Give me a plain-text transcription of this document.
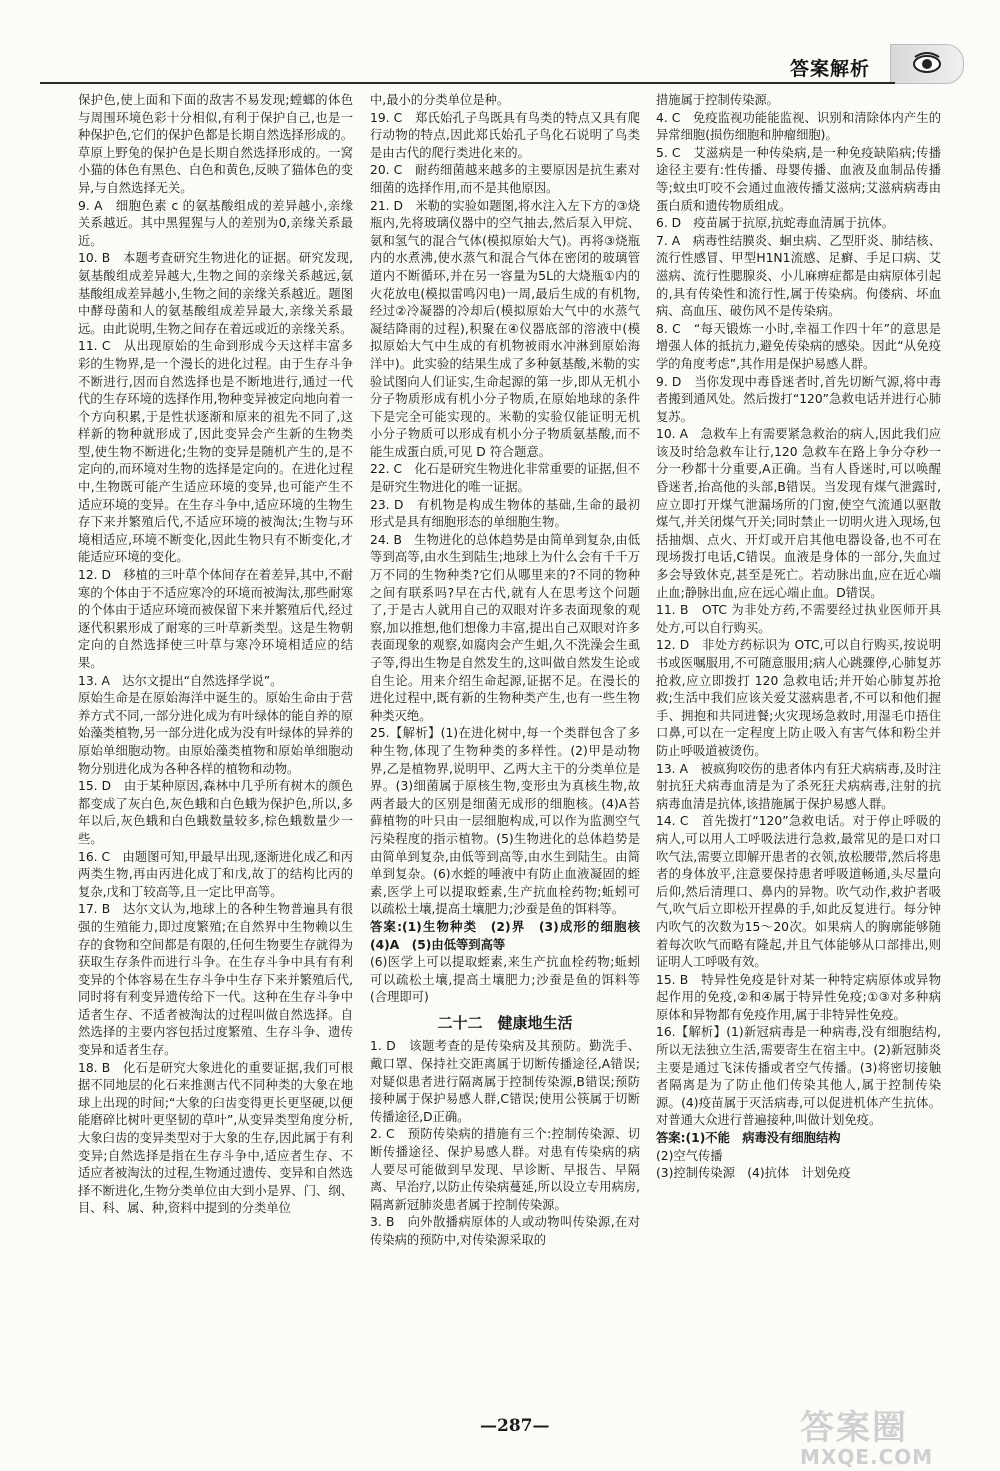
答案解析

保护色,使上面和下面的敌害不易发现;螳螂的体色与周围环境色彩十分相似,有利于保护自己,也是一种保护色,它们的保护色都是长期自然选择形成的。草原上野兔的保护色是长期自然选择形成的。一窝小猫的体色有黑色、白色和黄色,反映了猫体色的变异,与自然选择无关。

9. A　细胞色素 c 的氨基酸组成的差异越小,亲缘关系越近。其中黑猩猩与人的差别为0,亲缘关系最近。

10. B　本题考查研究生物进化的证据。研究发现,氨基酸组成差异越大,生物之间的亲缘关系越远,氨基酸组成差异越小,生物之间的亲缘关系越近。题图中酵母菌和人的氨基酸组成差异最大,亲缘关系最远。由此说明,生物之间存在着远或近的亲缘关系。

11. C　从出现原始的生命到形成今天这样丰富多彩的生物界,是一个漫长的进化过程。由于生存斗争不断进行,因而自然选择也是不断地进行,通过一代代的生存环境的选择作用,物种变异被定向地向着一个方向积累,于是性状逐渐和原来的祖先不同了,这样新的物种就形成了,因此变异会产生新的生物类型,使生物不断进化;生物的变异是随机产生的,是不定向的,而环境对生物的选择是定向的。在进化过程中,生物既可能产生适应环境的变异,也可能产生不适应环境的变异。在生存斗争中,适应环境的生物生存下来并繁殖后代,不适应环境的被淘汰;生物与环境相适应,环境不断变化,因此生物只有不断变化,才能适应环境的变化。

12. D　移植的三叶草个体间存在着差异,其中,不耐寒的个体由于不适应寒冷的环境而被淘汰,那些耐寒的个体由于适应环境而被保留下来并繁殖后代,经过逐代积累形成了耐寒的三叶草新类型。这是生物朝定向的自然选择使三叶草与寒冷环境相适应的结果。

13. A　达尔文提出“自然选择学说”。

原始生命是在原始海洋中诞生的。原始生命由于营养方式不同,一部分进化成为有叶绿体的能自养的原始藻类植物,另一部分进化成为没有叶绿体的异养的原始单细胞动物。由原始藻类植物和原始单细胞动物分别进化成为各种各样的植物和动物。

15. D　由于某种原因,森林中几乎所有树木的颜色都变成了灰白色,灰色蛾和白色蛾为保护色,所以,多年以后,灰色蛾和白色蛾数量较多,棕色蛾数量少一些。

16. C　由题图可知,甲最早出现,逐渐进化成乙和丙两类生物,再由丙进化成丁和戊,故丁的结构比丙的复杂,戊和丁较高等,且一定比甲高等。

17. B　达尔文认为,地球上的各种生物普遍具有很强的生殖能力,即过度繁殖;在自然界中生物赖以生存的食物和空间都是有限的,任何生物要生存就得为获取生存条件而进行斗争。在生存斗争中具有有利变异的个体容易在生存斗争中生存下来并繁殖后代,同时将有利变异遗传给下一代。这种在生存斗争中适者生存、不适者被淘汰的过程叫做自然选择。自然选择的主要内容包括过度繁殖、生存斗争、遗传变异和适者生存。

18. B　化石是研究大象进化的重要证据,我们可根据不同地层的化石来推测古代不同种类的大象在地球上出现的时间;“大象的臼齿变得更长更坚硬,以便能磨碎比树叶更坚韧的草叶”,从变异类型角度分析,大象臼齿的变异类型对于大象的生存,因此属于有利变异;自然选择是指在生存斗争中,适应者生存、不适应者被淘汰的过程,生物通过遗传、变异和自然选择不断进化,生物分类单位由大到小是界、门、纲、目、科、属、种,资料中提到的分类单位

中,最小的分类单位是种。

19. C　郑氏始孔子鸟既具有鸟类的特点又具有爬行动物的特点,因此郑氏始孔子鸟化石说明了鸟类是由古代的爬行类进化来的。

20. C　耐药细菌越来越多的主要原因是抗生素对细菌的选择作用,而不是其他原因。

21. D　米勒的实验如题图,将水注入左下方的③烧瓶内,先将玻璃仪器中的空气抽去,然后泵入甲烷、氨和氢气的混合气体(模拟原始大气)。再将③烧瓶内的水煮沸,使水蒸气和混合气体在密闭的玻璃管道内不断循环,并在另一容量为5L的大烧瓶①内的火花放电(模拟雷鸣闪电)一周,最后生成的有机物,经过②冷凝器的冷却后(模拟原始大气中的水蒸气凝结降雨的过程),积聚在④仪器底部的溶液中(模拟原始大气中生成的有机物被雨水冲淋到原始海洋中)。此实验的结果生成了多种氨基酸,米勒的实验试图向人们证实,生命起源的第一步,即从无机小分子物质形成有机小分子物质,在原始地球的条件下是完全可能实现的。米勒的实验仅能证明无机小分子物质可以形成有机小分子物质氨基酸,而不能生成蛋白质,可见 D 符合题意。

22. C　化石是研究生物进化非常重要的证据,但不是研究生物进化的唯一证据。

23. D　有机物是构成生物体的基础,生命的最初形式是具有细胞形态的单细胞生物。

24. B　生物进化的总体趋势是由简单到复杂,由低等到高等,由水生到陆生;地球上为什么会有千千万万不同的生物种类?它们从哪里来的?不同的物种之间有联系吗?早在古代,就有人在思考这个问题了,于是古人就用自己的双眼对许多表面现象的观察,加以推想,他们想像力丰富,提出自己双眼对许多表面现象的观察,如腐肉会产生蛆,久不洗澡会生虱子等,得出生物是自然发生的,这叫做自然发生论或自生论。用来介绍生命起源,证据不足。在漫长的进化过程中,既有新的生物种类产生,也有一些生物种类灭绝。

25.【解析】(1)在进化树中,每一个类群包含了多种生物,体现了生物种类的多样性。(2)甲是动物界,乙是植物界,说明甲、乙两大主干的分类单位是界。(3)细菌属于原核生物,变形虫为真核生物,故两者最大的区别是细菌无成形的细胞核。(4)A苔藓植物的叶只由一层细胞构成,可以作为监测空气污染程度的指示植物。(5)生物进化的总体趋势是由简单到复杂,由低等到高等,由水生到陆生。由简单到复杂。(6)水蛭的唾液中有防止血液凝固的蛭素,医学上可以提取蛭素,生产抗血栓药物;蚯蚓可以疏松土壤,提高土壤肥力;沙蚕是鱼的饵料等。

答案:(1)生物种类　(2)界　(3)成形的细胞核　(4)A　(5)由低等到高等

(6)医学上可以提取蛭素,来生产抗血栓药物;蚯蚓可以疏松土壤,提高土壤肥力;沙蚕是鱼的饵料等(合理即可)

二十二　健康地生活

1. D　该题考查的是传染病及其预防。勤洗手、戴口罩、保持社交距离属于切断传播途径,A错误;对疑似患者进行隔离属于控制传染源,B错误;预防接种属于保护易感人群,C错误;使用公筷属于切断传播途径,D正确。

2. C　预防传染病的措施有三个:控制传染源、切断传播途径、保护易感人群。对患有传染病的病人要尽可能做到早发现、早诊断、早报告、早隔离、早治疗,以防止传染病蔓延,所以设立专用病房,隔离新冠肺炎患者属于控制传染源。

3. B　向外散播病原体的人或动物叫传染源,在对传染病的预防中,对传染源采取的

措施属于控制传染源。

4. C　免疫监视功能能监视、识别和清除体内产生的异常细胞(损伤细胞和肿瘤细胞)。

5. C　艾滋病是一种传染病,是一种免疫缺陷病;传播途径主要有:性传播、母婴传播、血液及血制品传播等;蚊虫叮咬不会通过血液传播艾滋病;艾滋病病毒由蛋白质和遗传物质组成。

6. D　疫苗属于抗原,抗蛇毒血清属于抗体。

7. A　病毒性结膜炎、蛔虫病、乙型肝炎、肺结核、流行性感冒、甲型H1N1流感、足癣、手足口病、艾滋病、流行性腮腺炎、小儿麻痹症都是由病原体引起的,具有传染性和流行性,属于传染病。佝偻病、坏血病、高血压、破伤风不是传染病。

8. C　“每天锻炼一小时,幸福工作四十年”的意思是增强人体的抵抗力,避免传染病的感染。因此“从免疫学的角度考虑”,其作用是保护易感人群。

9. D　当你发现中毒昏迷者时,首先切断气源,将中毒者搬到通风处。然后拨打“120”急救电话并进行心肺复苏。

10. A　急救车上有需要紧急救治的病人,因此我们应该及时给急救车让行,120 急救车在路上争分夺秒一分一秒都十分重要,A正确。当有人昏迷时,可以唤醒昏迷者,抬高他的头部,B错误。当发现有煤气泄露时,应立即打开煤气泄漏场所的门窗,使空气流通以驱散煤气,并关闭煤气开关;同时禁止一切明火进入现场,包括抽烟、点火、开灯或开启其他电器设备,也不可在现场拨打电话,C错误。血液是身体的一部分,失血过多会导致休克,甚至是死亡。若动脉出血,应在近心端止血;静脉出血,应在远心端止血。D错误。

11. B　OTC 为非处方药,不需要经过执业医师开具处方,可以自行购买。

12. D　非处方药标识为 OTC,可以自行购买,按说明书或医嘱服用,不可随意服用;病人心跳骤停,心肺复苏抢救,应立即拨打 120 急救电话;并开始心肺复苏抢救;生活中我们应该关爱艾滋病患者,不可以和他们握手、拥抱和共同进餐;火灾现场急救时,用湿毛巾捂住口鼻,可以在一定程度上防止吸入有害气体和粉尘并防止呼吸道被烫伤。

13. A　被疯狗咬伤的患者体内有狂犬病病毒,及时注射抗狂犬病毒血清是为了杀死狂犬病病毒,注射的抗病毒血清是抗体,该措施属于保护易感人群。

14. C　首先拨打“120”急救电话。对于停止呼吸的病人,可以用人工呼吸法进行急救,最常见的是口对口吹气法,需要立即解开患者的衣领,放松腰带,然后将患者的身体放平,注意要保持患者呼吸道畅通,头尽量向后仰,然后清理口、鼻内的异物。吹气动作,救护者吸气,吹气后立即松开捏鼻的手,如此反复进行。每分钟内吹气的次数为15～20次。如果病人的胸廓能够随着每次吹气而略有隆起,并且气体能够从口部排出,则证明人工呼吸有效。

15. B　特异性免疫是针对某一种特定病原体或异物起作用的免疫,②和④属于特异性免疫;①③对多种病原体和异物都有免疫作用,属于非特异性免疫。

16.【解析】(1)新冠病毒是一种病毒,没有细胞结构,所以无法独立生活,需要寄生在宿主中。(2)新冠肺炎主要是通过飞沫传播或者空气传播。(3)将密切接触者隔离是为了防止他们传染其他人,属于控制传染源。(4)疫苗属于灭活病毒,可以促进机体产生抗体。对普通大众进行普遍接种,叫做计划免疫。

答案:(1)不能　病毒没有细胞结构

(2)空气传播

(3)控制传染源　(4)抗体　计划免疫

—287—	答案圈
MXQE.COM
